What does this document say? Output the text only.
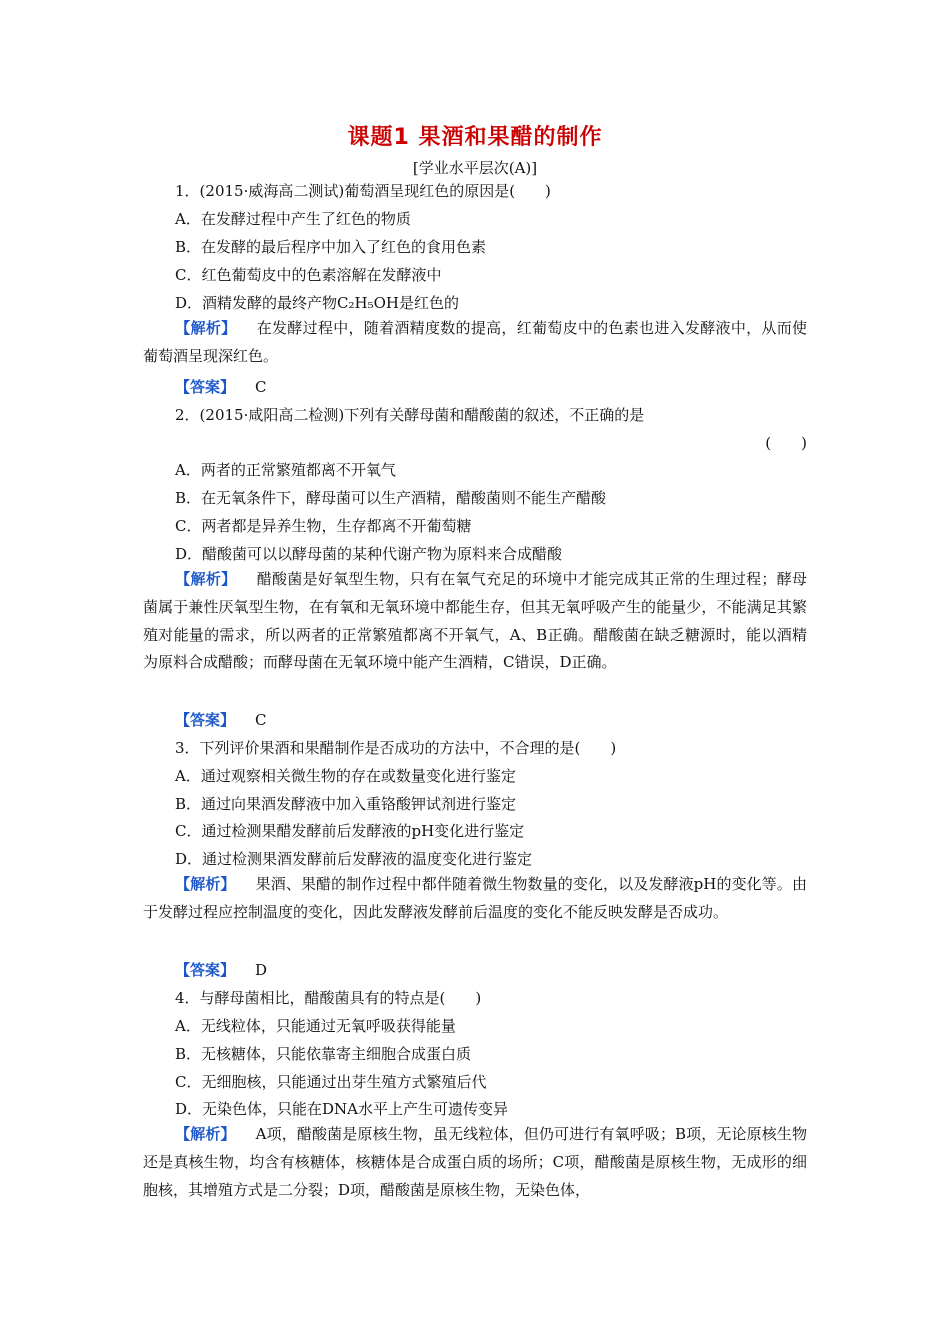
课题1 果酒和果醋的制作
[学业水平层次(A)]
1．(2015·威海高二测试)葡萄酒呈现红色的原因是(　　)
A．在发酵过程中产生了红色的物质
B．在发酵的最后程序中加入了红色的食用色素
C．红色葡萄皮中的色素溶解在发酵液中
D．酒精发酵的最终产物C₂H₅OH是红色的
【解析】 在发酵过程中，随着酒精度数的提高，红葡萄皮中的色素也进入发酵液中，从而使葡萄酒呈现深红色。
【答案】 C
2．(2015·咸阳高二检测)下列有关酵母菌和醋酸菌的叙述，不正确的是
(　　)
A．两者的正常繁殖都离不开氧气
B．在无氧条件下，酵母菌可以生产酒精，醋酸菌则不能生产醋酸
C．两者都是异养生物，生存都离不开葡萄糖
D．醋酸菌可以以酵母菌的某种代谢产物为原料来合成醋酸
【解析】 醋酸菌是好氧型生物，只有在氧气充足的环境中才能完成其正常的生理过程；酵母菌属于兼性厌氧型生物，在有氧和无氧环境中都能生存，但其无氧呼吸产生的能量少，不能满足其繁殖对能量的需求，所以两者的正常繁殖都离不开氧气，A、B正确。醋酸菌在缺乏糖源时，能以酒精为原料合成醋酸；而酵母菌在无氧环境中能产生酒精，C错误，D正确。
【答案】 C
3．下列评价果酒和果醋制作是否成功的方法中，不合理的是(　　)
A．通过观察相关微生物的存在或数量变化进行鉴定
B．通过向果酒发酵液中加入重铬酸钾试剂进行鉴定
C．通过检测果醋发酵前后发酵液的pH变化进行鉴定
D．通过检测果酒发酵前后发酵液的温度变化进行鉴定
【解析】 果酒、果醋的制作过程中都伴随着微生物数量的变化，以及发酵液pH的变化等。由于发酵过程应控制温度的变化，因此发酵液发酵前后温度的变化不能反映发酵是否成功。
【答案】 D
4．与酵母菌相比，醋酸菌具有的特点是(　　)
A．无线粒体，只能通过无氧呼吸获得能量
B．无核糖体，只能依靠寄主细胞合成蛋白质
C．无细胞核，只能通过出芽生殖方式繁殖后代
D．无染色体，只能在DNA水平上产生可遗传变异
【解析】 A项，醋酸菌是原核生物，虽无线粒体，但仍可进行有氧呼吸；B项，无论原核生物还是真核生物，均含有核糖体，核糖体是合成蛋白质的场所；C项，醋酸菌是原核生物，无成形的细胞核，其增殖方式是二分裂；D项，醋酸菌是原核生物，无染色体，
